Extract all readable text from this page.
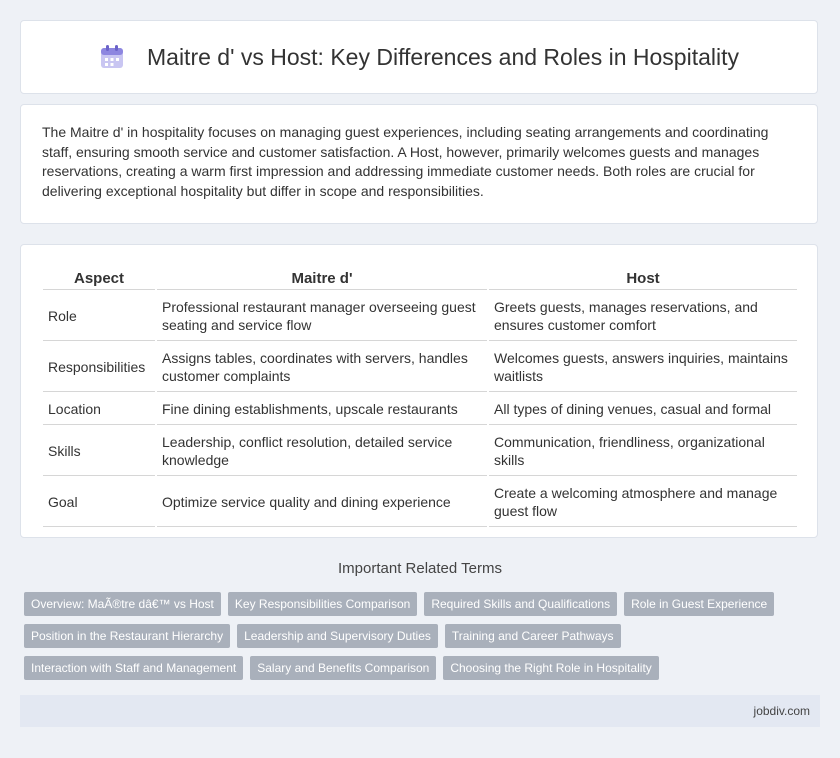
Maitre d' vs Host: Key Differences and Roles in Hospitality

The Maitre d' in hospitality focuses on managing guest experiences, including seating arrangements and coordinating staff, ensuring smooth service and customer satisfaction. A Host, however, primarily welcomes guests and manages reservations, creating a warm first impression and addressing immediate customer needs. Both roles are crucial for delivering exceptional hospitality but differ in scope and responsibilities.

Aspect	Maitre d'	Host
Role	Professional restaurant manager overseeing guest seating and service flow	Greets guests, manages reservations, and ensures customer comfort
Responsibilities	Assigns tables, coordinates with servers, handles customer complaints	Welcomes guests, answers inquiries, maintains waitlists
Location	Fine dining establishments, upscale restaurants	All types of dining venues, casual and formal
Skills	Leadership, conflict resolution, detailed service knowledge	Communication, friendliness, organizational skills
Goal	Optimize service quality and dining experience	Create a welcoming atmosphere and manage guest flow
Important Related Terms
Overview: MaÃ®tre dâ€™ vs Host	Key Responsibilities Comparison	Required Skills and Qualifications	Role in Guest Experience
Position in the Restaurant Hierarchy	Leadership and Supervisory Duties	Training and Career Pathways
Interaction with Staff and Management	Salary and Benefits Comparison	Choosing the Right Role in Hospitality
jobdiv.com
